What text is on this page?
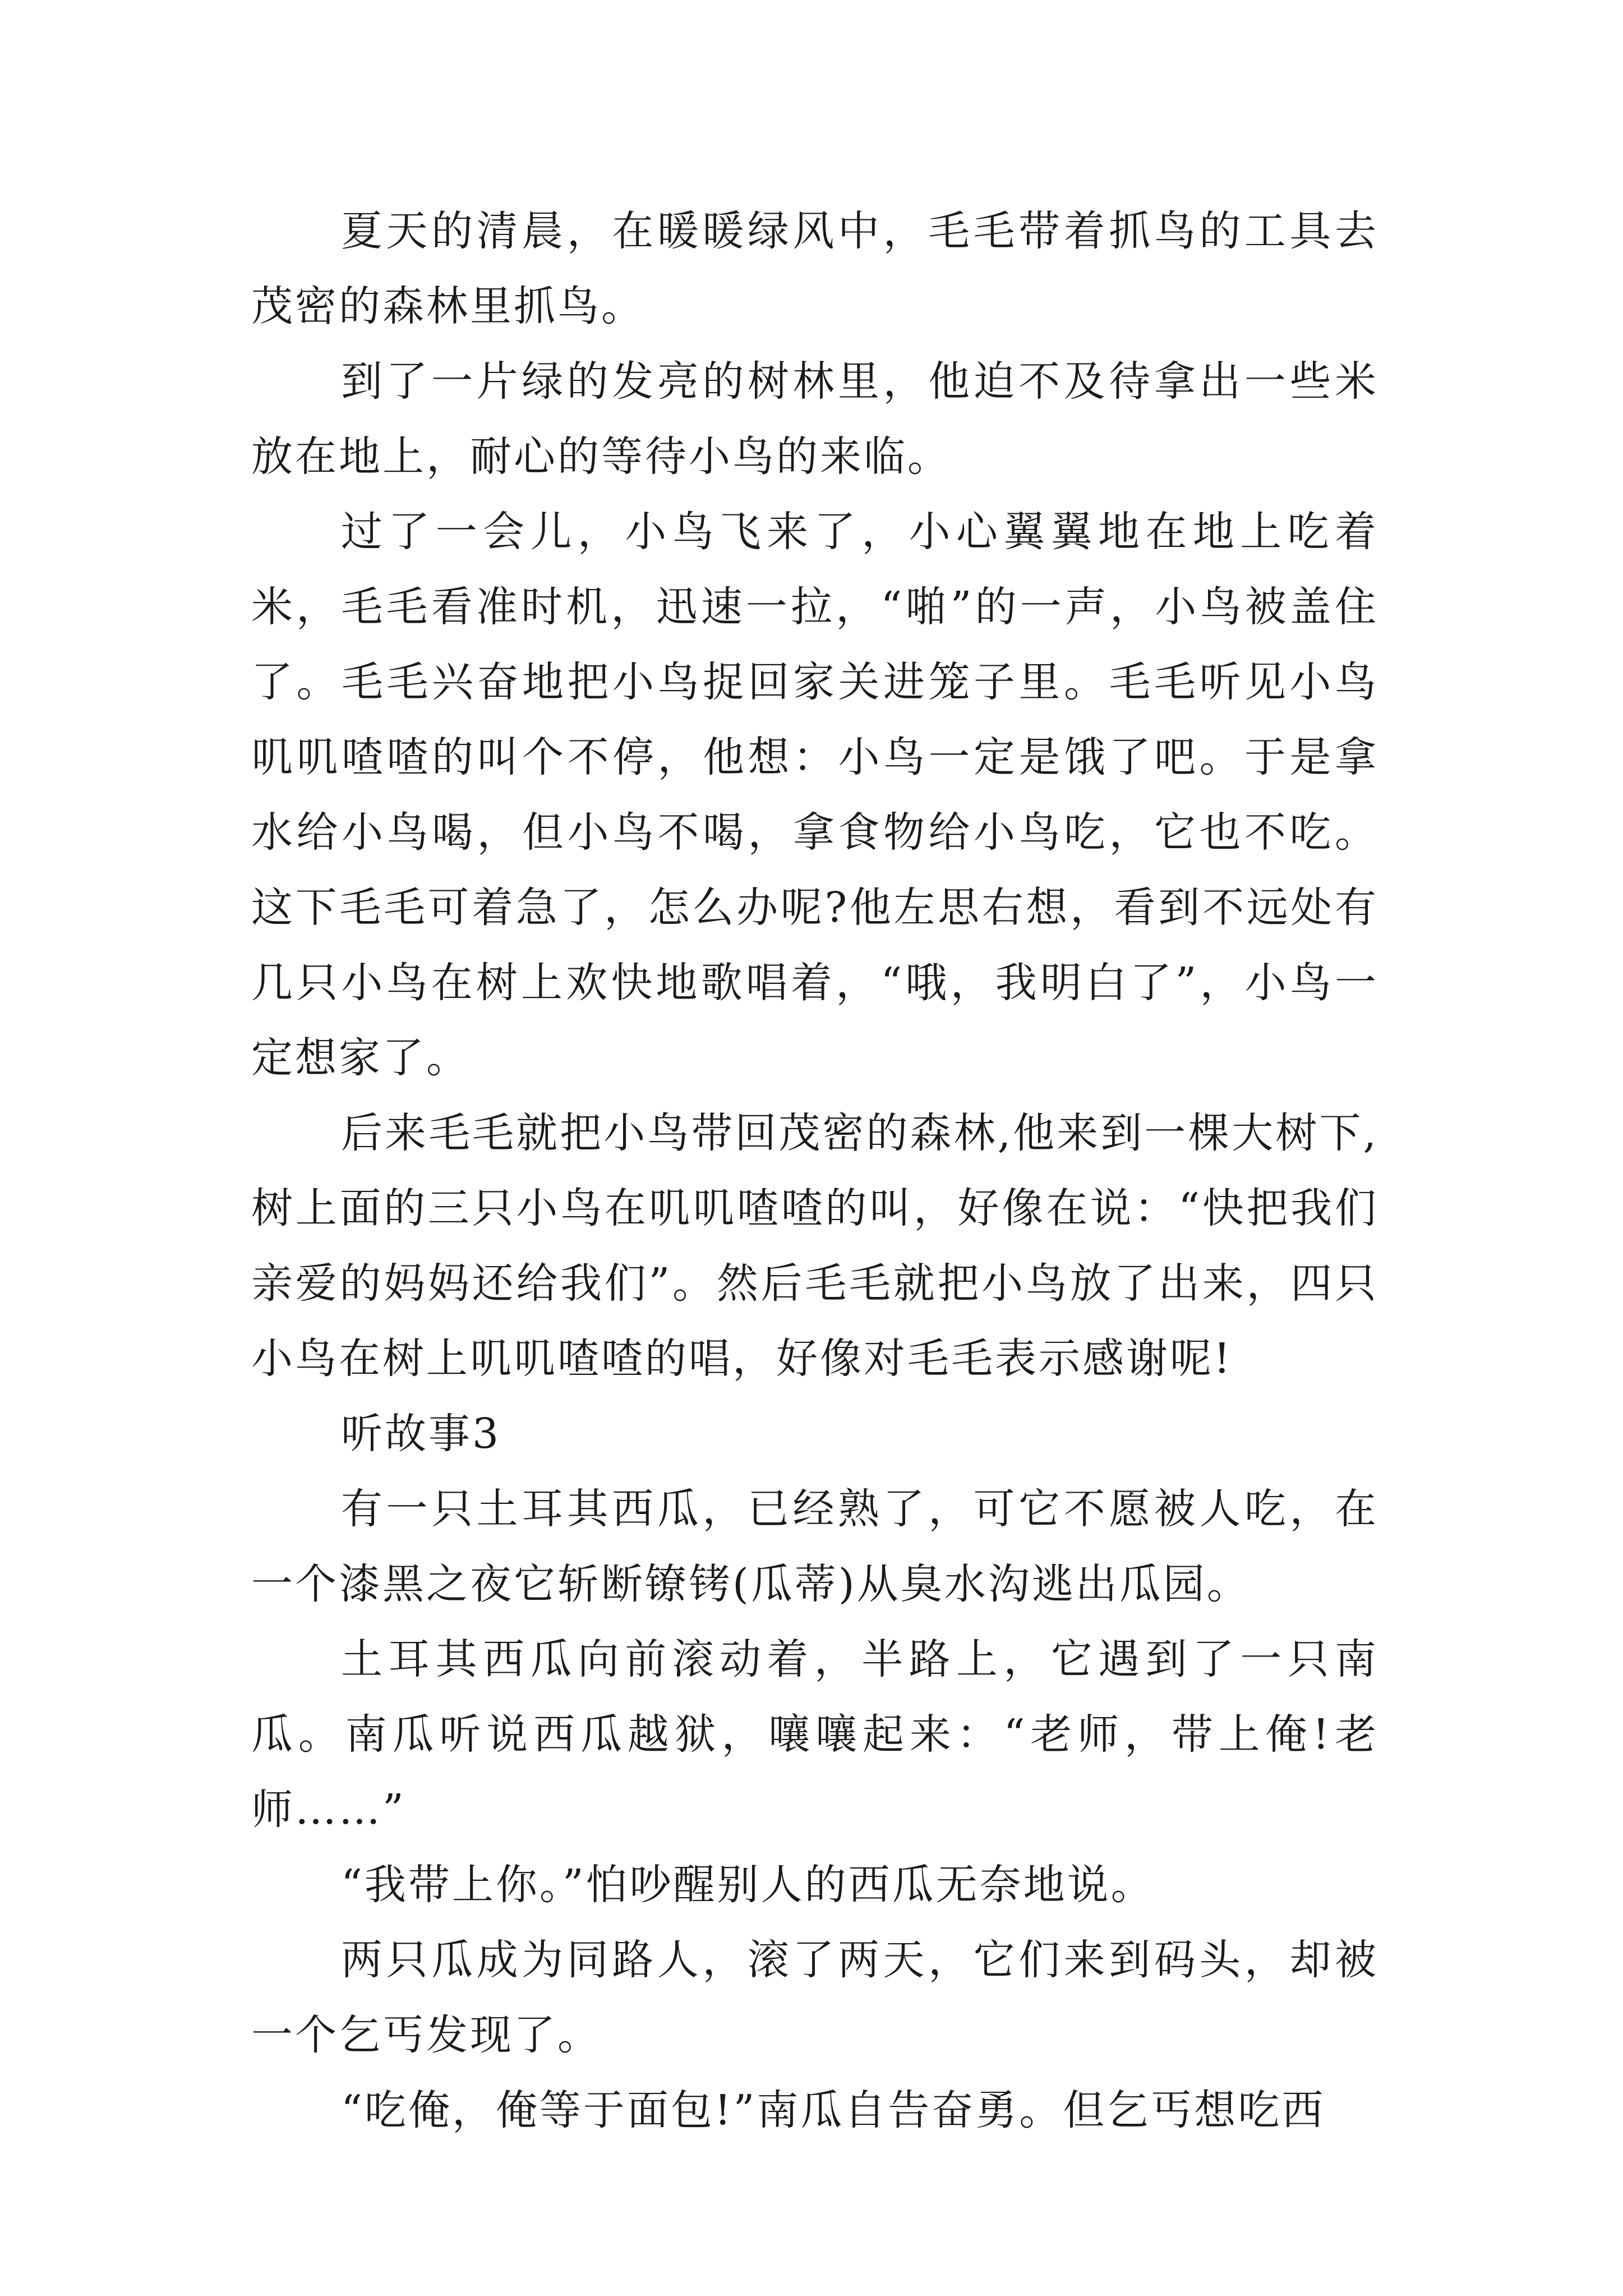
夏天的清晨，在暖暖绿风中，毛毛带着抓鸟的工具去茂密的森林里抓鸟。

到了一片绿的发亮的树林里，他迫不及待拿出一些米放在地上，耐心的等待小鸟的来临。

过了一会儿，小鸟飞来了，小心翼翼地在地上吃着米，毛毛看准时机，迅速一拉，“啪”的一声，小鸟被盖住了。毛毛兴奋地把小鸟捉回家关进笼子里。毛毛听见小鸟叽叽喳喳的叫个不停，他想：小鸟一定是饿了吧。于是拿水给小鸟喝，但小鸟不喝，拿食物给小鸟吃，它也不吃。这下毛毛可着急了，怎么办呢?他左思右想，看到不远处有几只小鸟在树上欢快地歌唱着，“哦，我明白了”，小鸟一定想家了。

后来毛毛就把小鸟带回茂密的森林,他来到一棵大树下,树上面的三只小鸟在叽叽喳喳的叫，好像在说：“快把我们亲爱的妈妈还给我们”。然后毛毛就把小鸟放了出来，四只小鸟在树上叽叽喳喳的唱，好像对毛毛表示感谢呢!

听故事3

有一只土耳其西瓜，已经熟了，可它不愿被人吃，在一个漆黑之夜它斩断镣铐(瓜蒂)从臭水沟逃出瓜园。

土耳其西瓜向前滚动着，半路上，它遇到了一只南瓜。南瓜听说西瓜越狱，嚷嚷起来：“老师，带上俺!老师……”

“我带上你。”怕吵醒别人的西瓜无奈地说。

两只瓜成为同路人，滚了两天，它们来到码头，却被一个乞丐发现了。

“吃俺，俺等于面包!”南瓜自告奋勇。但乞丐想吃西
